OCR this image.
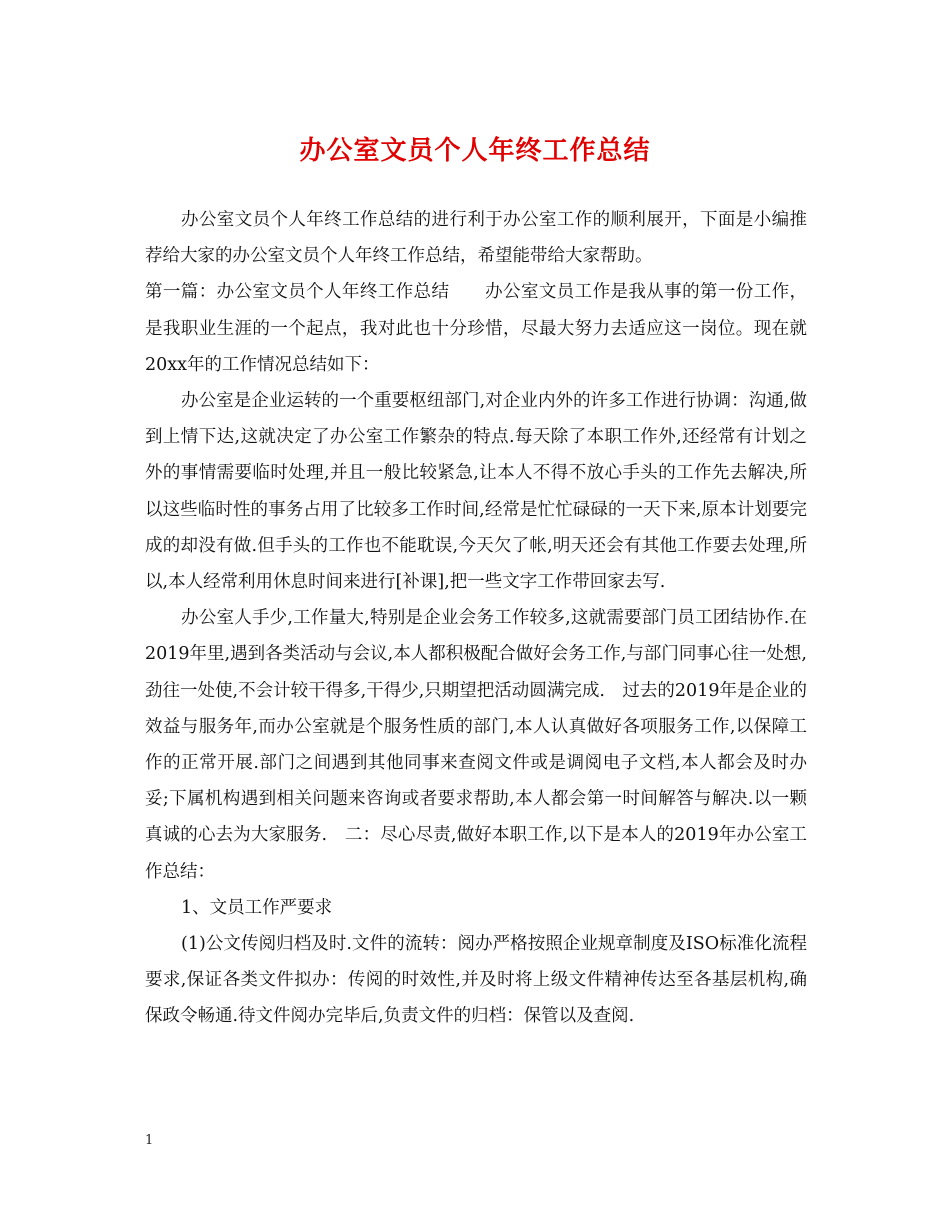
办公室文员个人年终工作总结

办公室文员个人年终工作总结的进行利于办公室工作的顺利展开，下面是小编推荐给大家的办公室文员个人年终工作总结，希望能带给大家帮助。

第一篇：办公室文员个人年终工作总结　　办公室文员工作是我从事的第一份工作，是我职业生涯的一个起点，我对此也十分珍惜，尽最大努力去适应这一岗位。现在就20xx年的工作情况总结如下：

办公室是企业运转的一个重要枢纽部门,对企业内外的许多工作进行协调：沟通,做到上情下达,这就决定了办公室工作繁杂的特点.每天除了本职工作外,还经常有计划之外的事情需要临时处理,并且一般比较紧急,让本人不得不放心手头的工作先去解决,所以这些临时性的事务占用了比较多工作时间,经常是忙忙碌碌的一天下来,原本计划要完成的却没有做.但手头的工作也不能耽误,今天欠了帐,明天还会有其他工作要去处理,所以,本人经常利用休息时间来进行[补课],把一些文字工作带回家去写.

办公室人手少,工作量大,特别是企业会务工作较多,这就需要部门员工团结协作.在2019年里,遇到各类活动与会议,本人都积极配合做好会务工作,与部门同事心往一处想,劲往一处使,不会计较干得多,干得少,只期望把活动圆满完成.　过去的2019年是企业的效益与服务年,而办公室就是个服务性质的部门,本人认真做好各项服务工作,以保障工作的正常开展.部门之间遇到其他同事来查阅文件或是调阅电子文档,本人都会及时办妥;下属机构遇到相关问题来咨询或者要求帮助,本人都会第一时间解答与解决.以一颗真诚的心去为大家服务.　二：尽心尽责,做好本职工作,以下是本人的2019年办公室工作总结：

1、文员工作严要求

(1)公文传阅归档及时.文件的流转：阅办严格按照企业规章制度及ISO标准化流程要求,保证各类文件拟办：传阅的时效性,并及时将上级文件精神传达至各基层机构,确保政令畅通.待文件阅办完毕后,负责文件的归档：保管以及查阅.

1
